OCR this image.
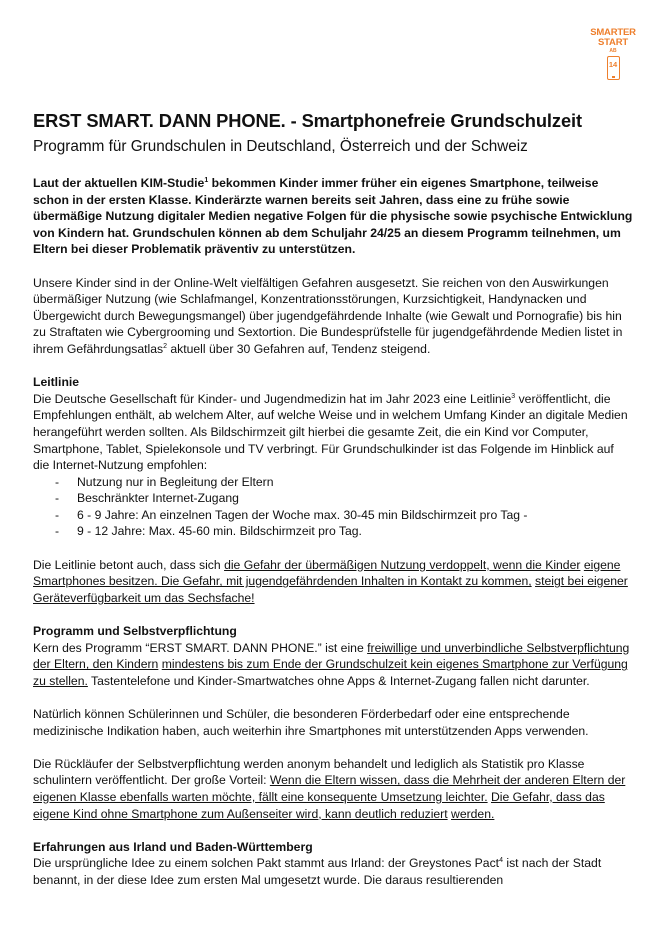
SMARTER
START
AB
14
ERST SMART. DANN PHONE. - Smartphonefreie Grundschulzeit

Programm für Grundschulen in Deutschland, Österreich und der Schweiz

Laut der aktuellen KIM-Studie$^1$ bekommen Kinder immer früher ein eigenes Smartphone, teilweise schon in der ersten Klasse. Kinderärzte warnen bereits seit Jahren, dass eine zu frühe sowie übermäßige Nutzung digitaler Medien negative Folgen für die physische sowie psychische Entwicklung von Kindern hat. Grundschulen können ab dem Schuljahr 24/25 an diesem Programm teilnehmen, um Eltern bei dieser Problematik präventiv zu unterstützen.

Unsere Kinder sind in der Online-Welt vielfältigen Gefahren ausgesetzt. Sie reichen von den Auswirkungen übermäßiger Nutzung (wie Schlafmangel, Konzentrationsstörungen, Kurzsichtigkeit, Handynacken und Übergewicht durch Bewegungsmangel) über jugendgefährdende Inhalte (wie Gewalt und Pornografie) bis hin zu Straftaten wie Cybergrooming und Sextortion. Die Bundesprüfstelle für jugendgefährdende Medien listet in ihrem Gefährdungsatlas$^2$ aktuell über 30 Gefahren auf, Tendenz steigend.

Leitlinie

Die Deutsche Gesellschaft für Kinder- und Jugendmedizin hat im Jahr 2023 eine Leitlinie$^3$ veröffentlicht, die Empfehlungen enthält, ab welchem Alter, auf welche Weise und in welchem Umfang Kinder an digitale Medien herangeführt werden sollten. Als Bildschirmzeit gilt hierbei die gesamte Zeit, die ein Kind vor Computer, Smartphone, Tablet, Spielekonsole und TV verbringt. Für Grundschulkinder ist das Folgende im Hinblick auf die Internet-Nutzung empfohlen:

- Nutzung nur in Begleitung der Eltern
- Beschränkter Internet-Zugang
- 6 - 9 Jahre: An einzelnen Tagen der Woche max. 30-45 min Bildschirmzeit pro Tag -
- 9 - 12 Jahre: Max. 45-60 min. Bildschirmzeit pro Tag.

Die Leitlinie betont auch, dass sich die Gefahr der übermäßigen Nutzung verdoppelt, wenn die Kinder eigene Smartphones besitzen. Die Gefahr, mit jugendgefährdenden Inhalten in Kontakt zu kommen, steigt bei eigener Geräteverfügbarkeit um das Sechsfache!

Programm und Selbstverpflichtung

Kern des Programm “ERST SMART. DANN PHONE.” ist eine freiwillige und unverbindliche Selbstverpflichtung der Eltern, den Kindern mindestens bis zum Ende der Grundschulzeit kein eigenes Smartphone zur Verfügung zu stellen. Tastentelefone und Kinder-Smartwatches ohne Apps & Internet-Zugang fallen nicht darunter.

Natürlich können Schülerinnen und Schüler, die besonderen Förderbedarf oder eine entsprechende medizinische Indikation haben, auch weiterhin ihre Smartphones mit unterstützenden Apps verwenden.

Die Rückläufer der Selbstverpflichtung werden anonym behandelt und lediglich als Statistik pro Klasse schulintern veröffentlicht. Der große Vorteil: Wenn die Eltern wissen, dass die Mehrheit der anderen Eltern der eigenen Klasse ebenfalls warten möchte, fällt eine konsequente Umsetzung leichter. Die Gefahr, dass das eigene Kind ohne Smartphone zum Außenseiter wird, kann deutlich reduziert werden.

Erfahrungen aus Irland und Baden-Württemberg

Die ursprüngliche Idee zu einem solchen Pakt stammt aus Irland: der Greystones Pact$^4$ ist nach der Stadt benannt, in der diese Idee zum ersten Mal umgesetzt wurde. Die daraus resultierenden
